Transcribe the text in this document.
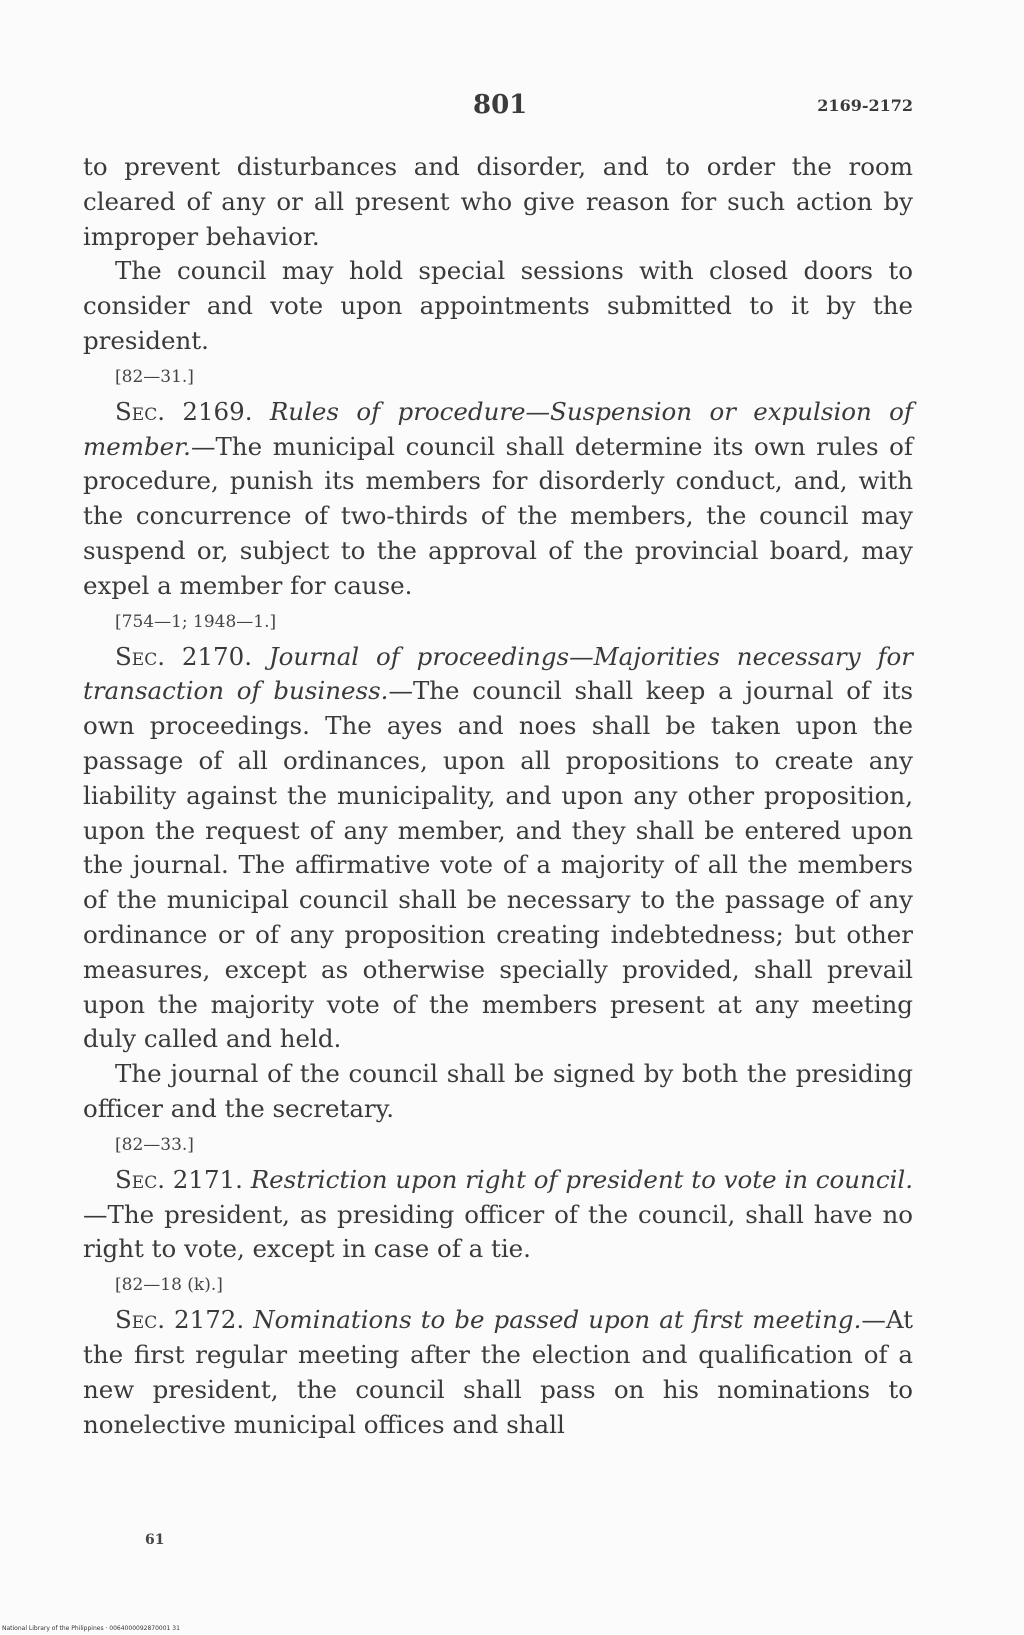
801	2169-2172

to prevent disturbances and disorder, and to order the room cleared of any or all present who give reason for such action by improper behavior.

The council may hold special sessions with closed doors to consider and vote upon appointments submitted to it by the president.

[82—31.]

Sec. 2169. Rules of procedure—Suspension or expulsion of member.—The municipal council shall determine its own rules of procedure, punish its members for disorderly conduct, and, with the concurrence of two-thirds of the members, the council may suspend or, subject to the approval of the provincial board, may expel a member for cause.

[754—1; 1948—1.]

Sec. 2170. Journal of proceedings—Majorities necessary for transaction of business.—The council shall keep a journal of its own proceedings. The ayes and noes shall be taken upon the passage of all ordinances, upon all propositions to create any liability against the municipality, and upon any other proposition, upon the request of any member, and they shall be entered upon the journal. The affirmative vote of a majority of all the members of the municipal council shall be necessary to the passage of any ordinance or of any proposition creating indebtedness; but other measures, except as otherwise specially provided, shall prevail upon the majority vote of the members present at any meeting duly called and held.

The journal of the council shall be signed by both the presiding officer and the secretary.

[82—33.]

Sec. 2171. Restriction upon right of president to vote in council.—The president, as presiding officer of the council, shall have no right to vote, except in case of a tie.

[82—18 (k).]

Sec. 2172. Nominations to be passed upon at first meeting.—At the first regular meeting after the election and qualification of a new president, the council shall pass on his nominations to nonelective municipal offices and shall

61
National Library of the Philippines · 0064000092870001 31
